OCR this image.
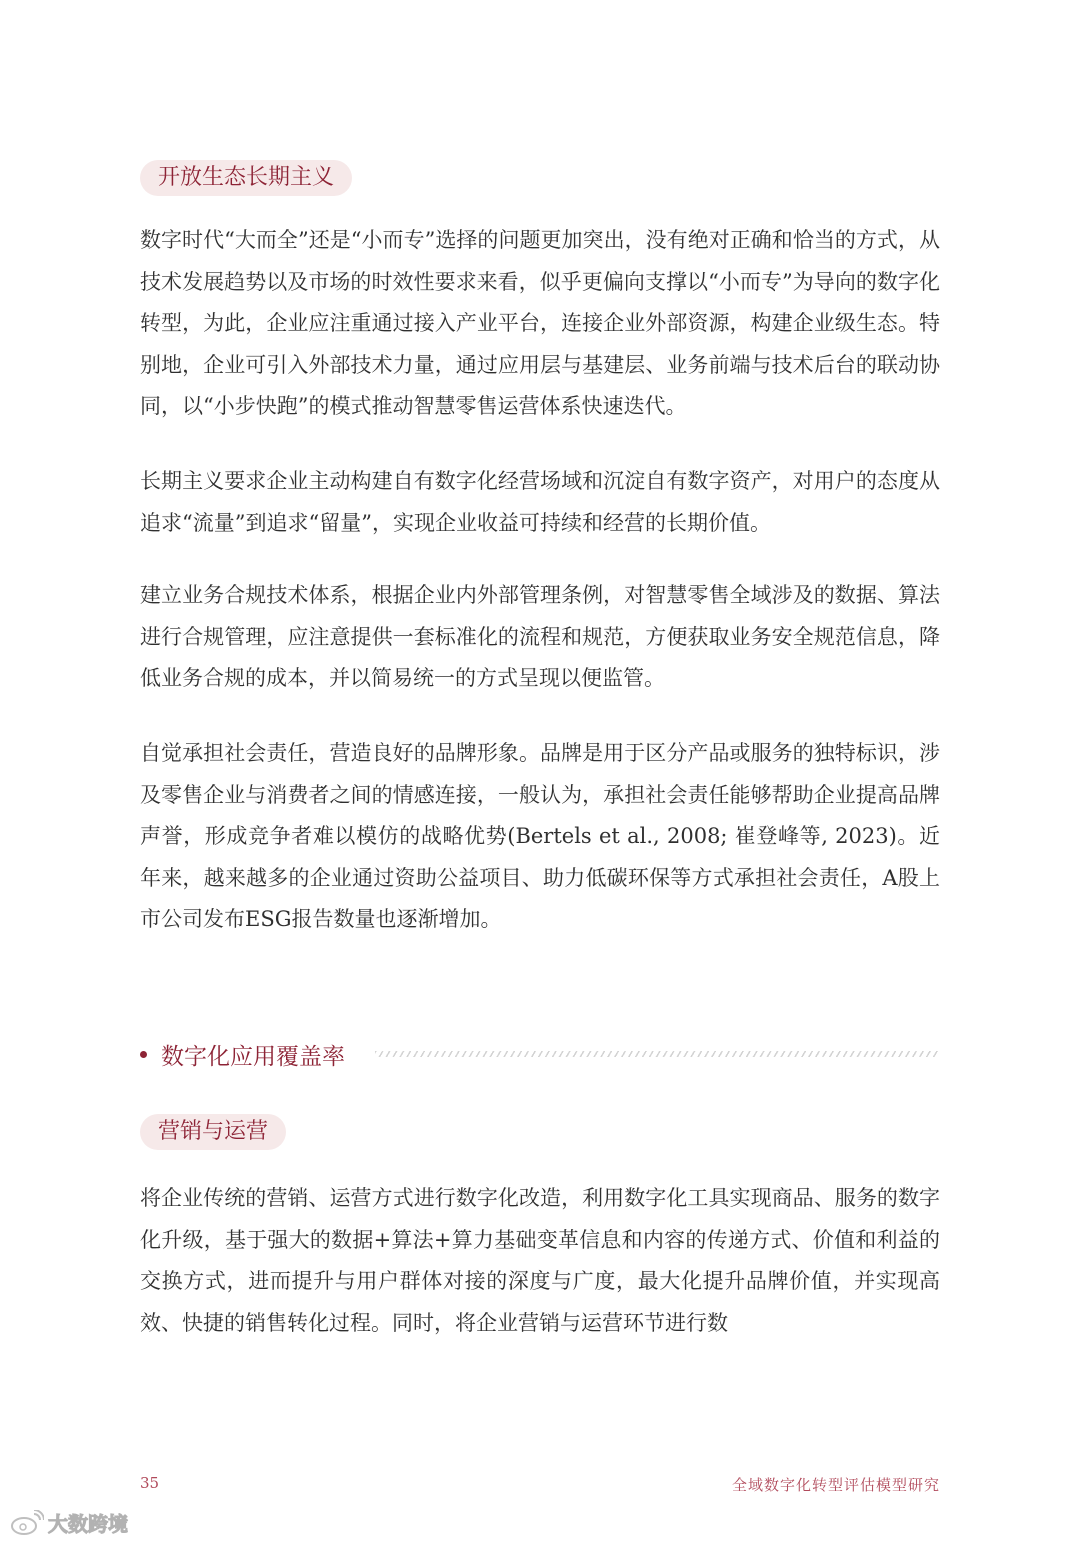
开放生态长期主义

数字时代“大而全”还是“小而专”选择的问题更加突出，没有绝对正确和恰当的方式，从技术发展趋势以及市场的时效性要求来看，似乎更偏向支撑以“小而专”为导向的数字化转型，为此，企业应注重通过接入产业平台，连接企业外部资源，构建企业级生态。特别地，企业可引入外部技术力量，通过应用层与基建层、业务前端与技术后台的联动协同，以“小步快跑”的模式推动智慧零售运营体系快速迭代。

长期主义要求企业主动构建自有数字化经营场域和沉淀自有数字资产，对用户的态度从追求“流量”到追求“留量”，实现企业收益可持续和经营的长期价值。

建立业务合规技术体系，根据企业内外部管理条例，对智慧零售全域涉及的数据、算法进行合规管理，应注意提供一套标准化的流程和规范，方便获取业务安全规范信息，降低业务合规的成本，并以简易统一的方式呈现以便监管。

自觉承担社会责任，营造良好的品牌形象。品牌是用于区分产品或服务的独特标识，涉及零售企业与消费者之间的情感连接，一般认为，承担社会责任能够帮助企业提高品牌声誉，形成竞争者难以模仿的战略优势(Bertels et al., 2008; 崔登峰等, 2023)。近年来，越来越多的企业通过资助公益项目、助力低碳环保等方式承担社会责任，A股上市公司发布ESG报告数量也逐渐增加。

数字化应用覆盖率
营销与运营

将企业传统的营销、运营方式进行数字化改造，利用数字化工具实现商品、服务的数字化升级，基于强大的数据+算法+算力基础变革信息和内容的传递方式、价值和利益的交换方式，进而提升与用户群体对接的深度与广度，最大化提升品牌价值，并实现高效、快捷的销售转化过程。同时，将企业营销与运营环节进行数

35	全域数字化转型评估模型研究
大数跨境
